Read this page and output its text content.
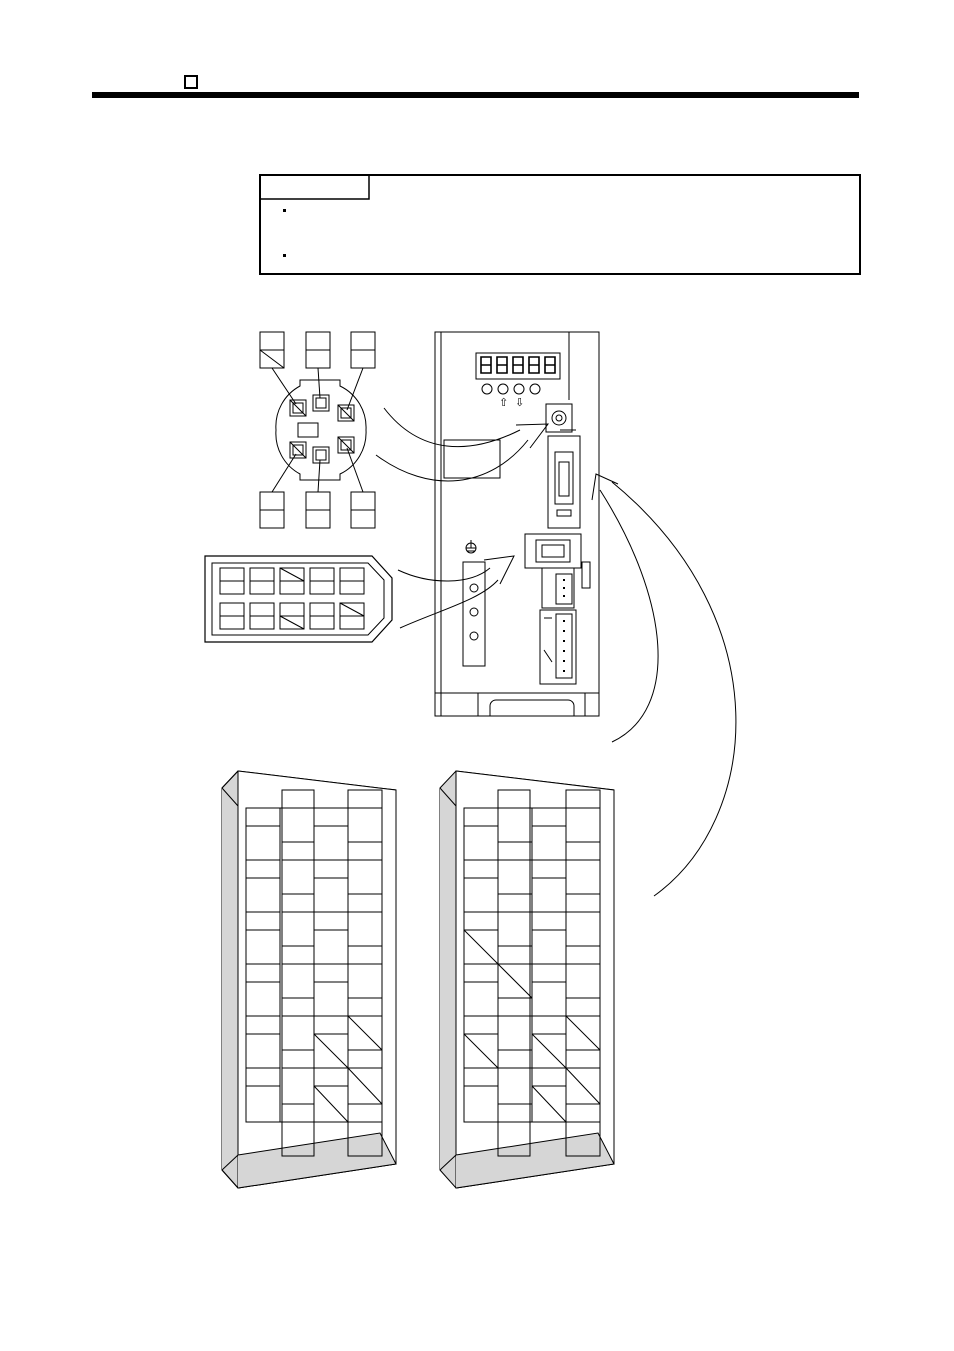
⇧ ⇩
